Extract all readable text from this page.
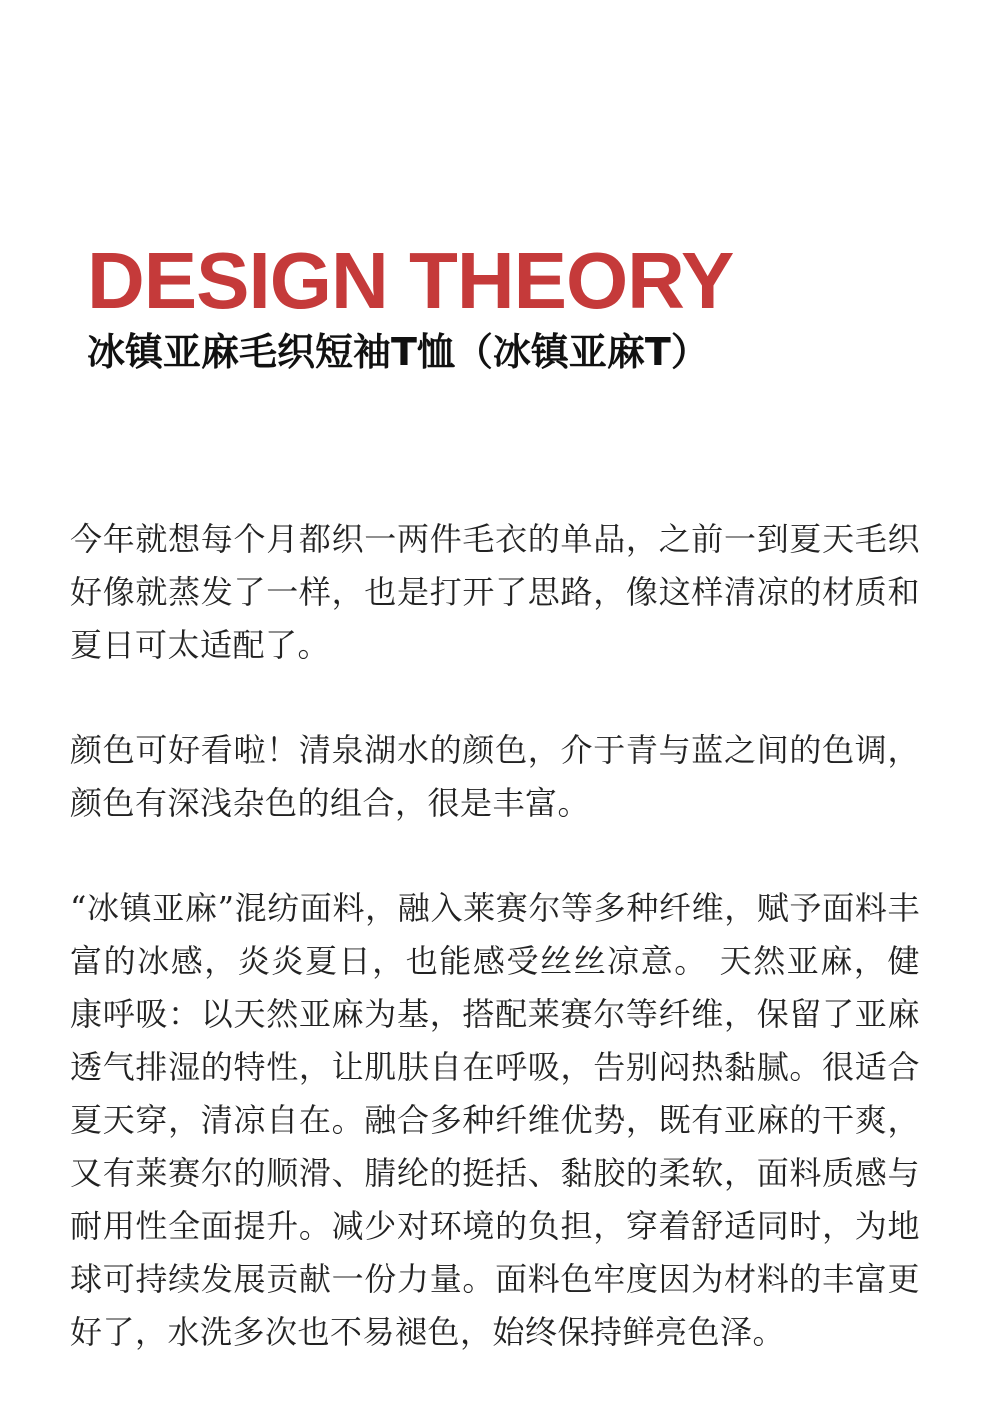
DESIGN THEORY
冰镇亚麻毛织短袖T恤（冰镇亚麻T）

今年就想每个月都织一两件毛衣的单品，之前一到夏天毛织好像就蒸发了一样，也是打开了思路，像这样清凉的材质和夏日可太适配了。

颜色可好看啦！清泉湖水的颜色，介于青与蓝之间的色调，颜色有深浅杂色的组合，很是丰富。

“冰镇亚麻”混纺面料，融入莱赛尔等多种纤维，赋予面料丰富的冰感，炎炎夏日，也能感受丝丝凉意。 天然亚麻，健康呼吸：以天然亚麻为基，搭配莱赛尔等纤维，保留了亚麻透气排湿的特性，让肌肤自在呼吸，告别闷热黏腻。很适合夏天穿，清凉自在。融合多种纤维优势，既有亚麻的干爽，又有莱赛尔的顺滑、腈纶的挺括、黏胶的柔软，面料质感与耐用性全面提升。减少对环境的负担，穿着舒适同时，为地球可持续发展贡献一份力量。面料色牢度因为材料的丰富更好了，水洗多次也不易褪色，始终保持鲜亮色泽。
